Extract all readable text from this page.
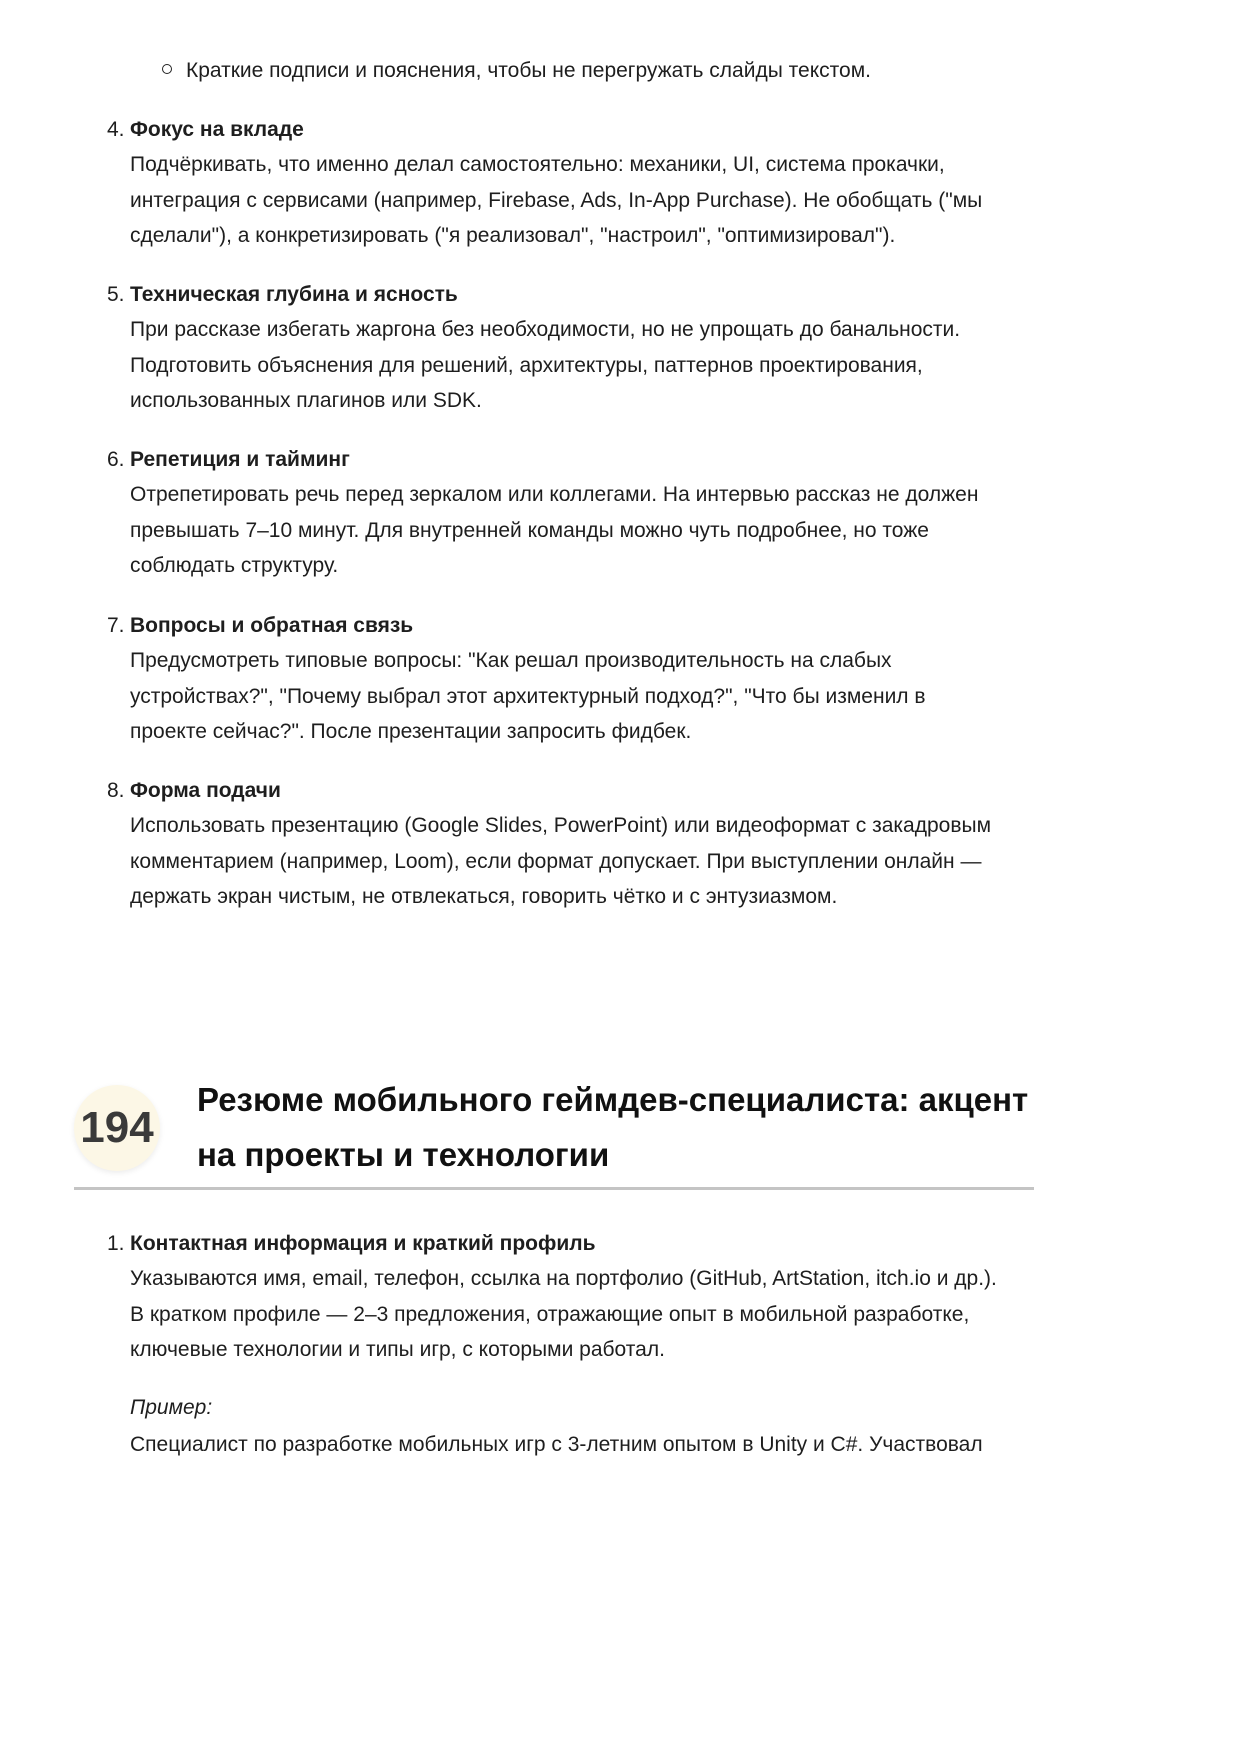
Краткие подписи и пояснения, чтобы не перегружать слайды текстом.
194
Резюме мобильного геймдев-специалиста: акцент
на проекты и технологии
Пример:
Специалист по разработке мобильных игр с 3-летним опытом в Unity и C#. Участвовал
4. Фокус на вкладе
Подчёркивать, что именно делал самостоятельно: механики, UI, система прокачки,
интеграция с сервисами (например, Firebase, Ads, In-App Purchase). Не обобщать ("мы
сделали"), а конкретизировать ("я реализовал", "настроил", "оптимизировал").
5. Техническая глубина и ясность
При рассказе избегать жаргона без необходимости, но не упрощать до банальности.
Подготовить объяснения для решений, архитектуры, паттернов проектирования,
использованных плагинов или SDK.
6. Репетиция и тайминг
Отрепетировать речь перед зеркалом или коллегами. На интервью рассказ не должен
превышать 7–10 минут. Для внутренней команды можно чуть подробнее, но тоже
соблюдать структуру.
7. Вопросы и обратная связь
Предусмотреть типовые вопросы: "Как решал производительность на слабых
устройствах?", "Почему выбрал этот архитектурный подход?", "Что бы изменил в
проекте сейчас?". После презентации запросить фидбек.
8. Форма подачи
Использовать презентацию (Google Slides, PowerPoint) или видеоформат с закадровым
комментарием (например, Loom), если формат допускает. При выступлении онлайн —
держать экран чистым, не отвлекаться, говорить чётко и с энтузиазмом.
1. Контактная информация и краткий профиль
Указываются имя, email, телефон, ссылка на портфолио (GitHub, ArtStation, itch.io и др.).
В кратком профиле — 2–3 предложения, отражающие опыт в мобильной разработке,
ключевые технологии и типы игр, с которыми работал.
